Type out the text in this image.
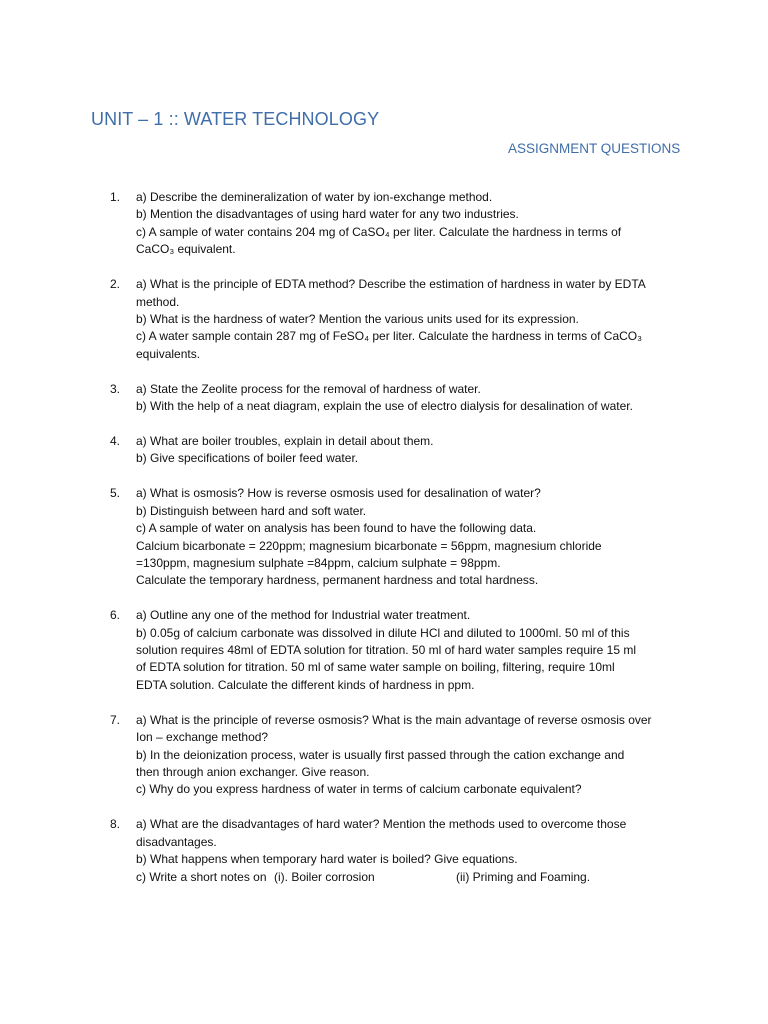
UNIT – 1 :: WATER TECHNOLOGY
ASSIGNMENT QUESTIONS
1. a) Describe the demineralization of water by ion-exchange method.
b) Mention the disadvantages of using hard water for any two industries.
c) A sample of water contains 204 mg of CaSO₄ per liter. Calculate the hardness in terms of
CaCO₃ equivalent.
2. a) What is the principle of EDTA method? Describe the estimation of hardness in water by EDTA
method.
b) What is the hardness of water? Mention the various units used for its expression.
c) A water sample contain 287 mg of FeSO₄ per liter. Calculate the hardness in terms of CaCO₃
equivalents.
3. a) State the Zeolite process for the removal of hardness of water.
b) With the help of a neat diagram, explain the use of electro dialysis for desalination of water.
4. a) What are boiler troubles, explain in detail about them.
b) Give specifications of boiler feed water.
5. a) What is osmosis? How is reverse osmosis used for desalination of water?
b) Distinguish between hard and soft water.
c) A sample of water on analysis has been found to have the following data.
Calcium bicarbonate = 220ppm; magnesium bicarbonate = 56ppm, magnesium chloride
=130ppm, magnesium sulphate =84ppm, calcium sulphate = 98ppm.
Calculate the temporary hardness, permanent hardness and total hardness.
6. a) Outline any one of the method for Industrial water treatment.
b) 0.05g of calcium carbonate was dissolved in dilute HCl and diluted to 1000ml. 50 ml of this
solution requires 48ml of EDTA solution for titration. 50 ml of hard water samples require 15 ml
of EDTA solution for titration. 50 ml of same water sample on boiling, filtering, require 10ml
EDTA solution. Calculate the different kinds of hardness in ppm.
7. a) What is the principle of reverse osmosis? What is the main advantage of reverse osmosis over
Ion – exchange method?
b) In the deionization process, water is usually first passed through the cation exchange and
then through anion exchanger. Give reason.
c) Why do you express hardness of water in terms of calcium carbonate equivalent?
8. a) What are the disadvantages of hard water? Mention the methods used to overcome those
disadvantages.
b) What happens when temporary hard water is boiled? Give equations.
c) Write a short notes on (i). Boiler corrosion	(ii) Priming and Foaming.
